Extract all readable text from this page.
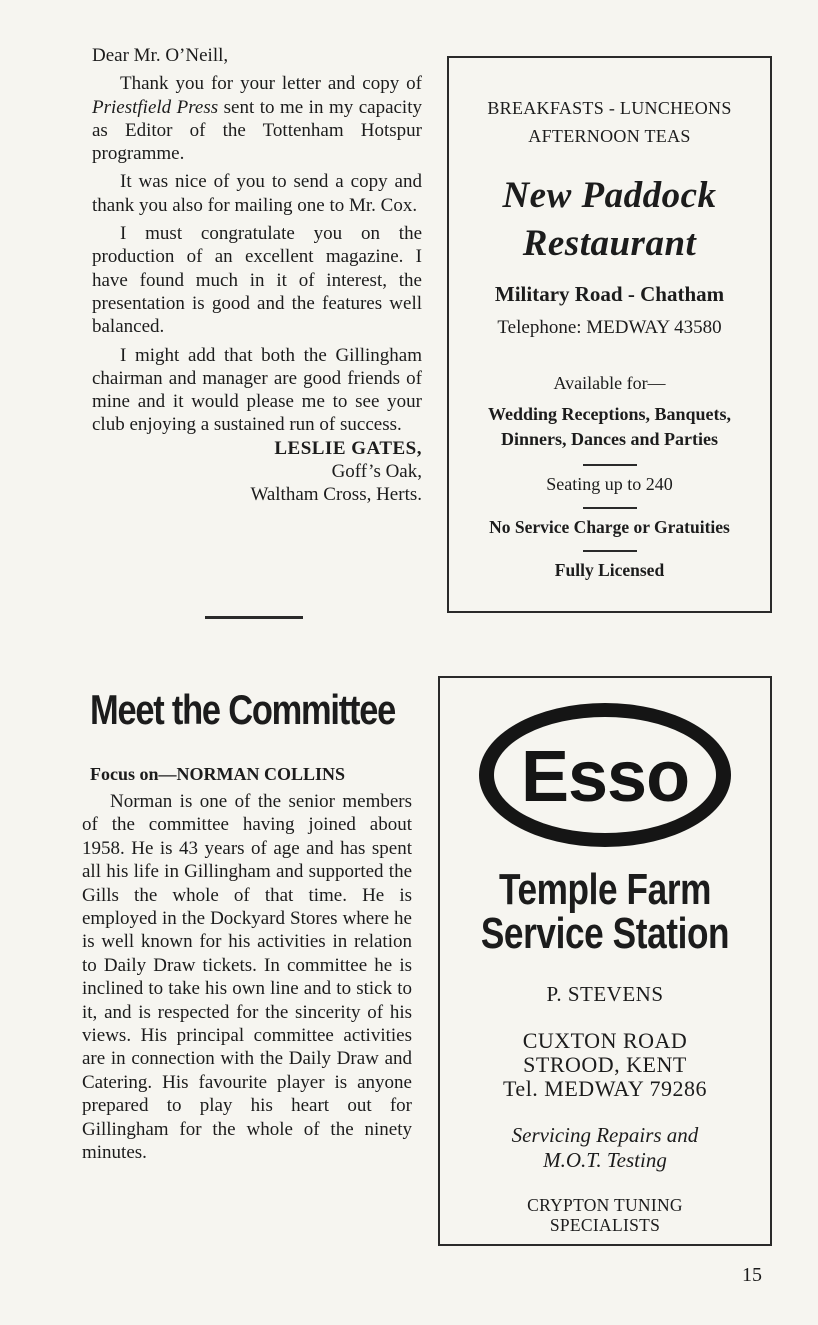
Dear Mr. O’Neill,

Thank you for your letter and copy of Priestfield Press sent to me in my capacity as Editor of the Tottenham Hotspur programme.

It was nice of you to send a copy and thank you also for mailing one to Mr. Cox.

I must congratulate you on the production of an excellent magazine. I have found much in it of interest, the presentation is good and the features well balanced.

I might add that both the Gillingham chairman and manager are good friends of mine and it would please me to see your club enjoying a sustained run of success.

LESLIE GATES,

Goff’s Oak,

Waltham Cross, Herts.

BREAKFASTS - LUNCHEONS
AFTERNOON TEAS
New Paddock
Restaurant
Military Road - Chatham
Telephone: MEDWAY 43580
Available for—
Wedding Receptions, Banquets,
Dinners, Dances and Parties
Seating up to 240
No Service Charge or Gratuities
Fully Licensed
Meet the Committee

Focus on—NORMAN COLLINS

Norman is one of the senior members of the committee having joined about 1958. He is 43 years of age and has spent all his life in Gillingham and supported the Gills the whole of that time. He is employed in the Dockyard Stores where he is well known for his activities in relation to Daily Draw tickets. In committee he is inclined to take his own line and to stick to it, and is respected for the sincerity of his views. His principal committee activities are in connection with the Daily Draw and Catering. His favourite player is anyone prepared to play his heart out for Gillingham for the whole of the ninety minutes.

Esso
Temple Farm
Service Station
P. STEVENS
CUXTON ROAD
STROOD, KENT
Tel. MEDWAY 79286
Servicing Repairs and
M.O.T. Testing
CRYPTON TUNING
SPECIALISTS
15
